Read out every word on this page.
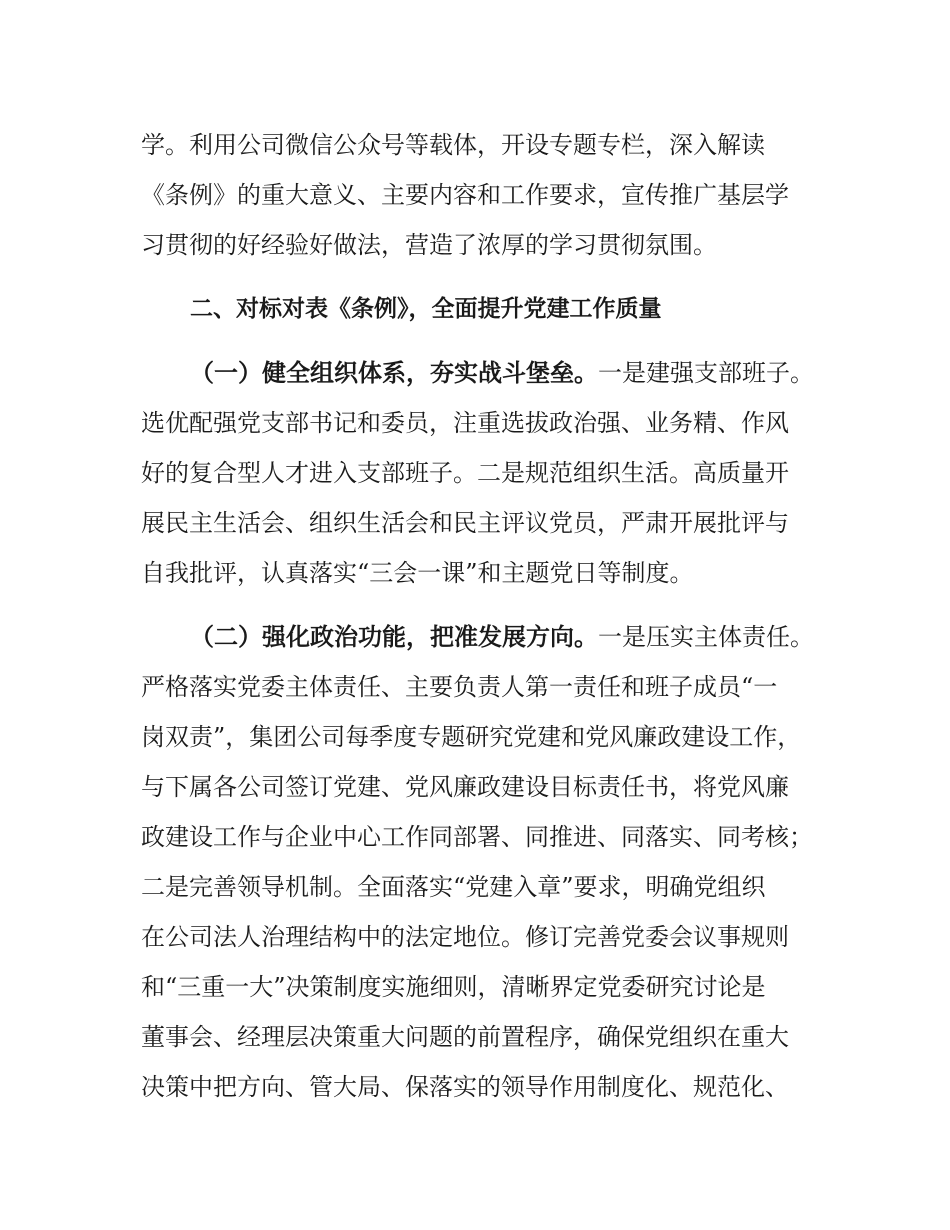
学。利用公司微信公众号等载体，开设专题专栏，深入解读
《条例》的重大意义、主要内容和工作要求，宣传推广基层学
习贯彻的好经验好做法，营造了浓厚的学习贯彻氛围。
二、对标对表《条例》，全面提升党建工作质量
（一）健全组织体系，夯实战斗堡垒。一是建强支部班子。
选优配强党支部书记和委员，注重选拔政治强、业务精、作风
好的复合型人才进入支部班子。二是规范组织生活。高质量开
展民主生活会、组织生活会和民主评议党员，严肃开展批评与
自我批评，认真落实“三会一课”和主题党日等制度。
（二）强化政治功能，把准发展方向。一是压实主体责任。
严格落实党委主体责任、主要负责人第一责任和班子成员“一
岗双责”，集团公司每季度专题研究党建和党风廉政建设工作，
与下属各公司签订党建、党风廉政建设目标责任书，将党风廉
政建设工作与企业中心工作同部署、同推进、同落实、同考核；
二是完善领导机制。全面落实“党建入章”要求，明确党组织
在公司法人治理结构中的法定地位。修订完善党委会议事规则
和“三重一大”决策制度实施细则，清晰界定党委研究讨论是
董事会、经理层决策重大问题的前置程序，确保党组织在重大
决策中把方向、管大局、保落实的领导作用制度化、规范化、
